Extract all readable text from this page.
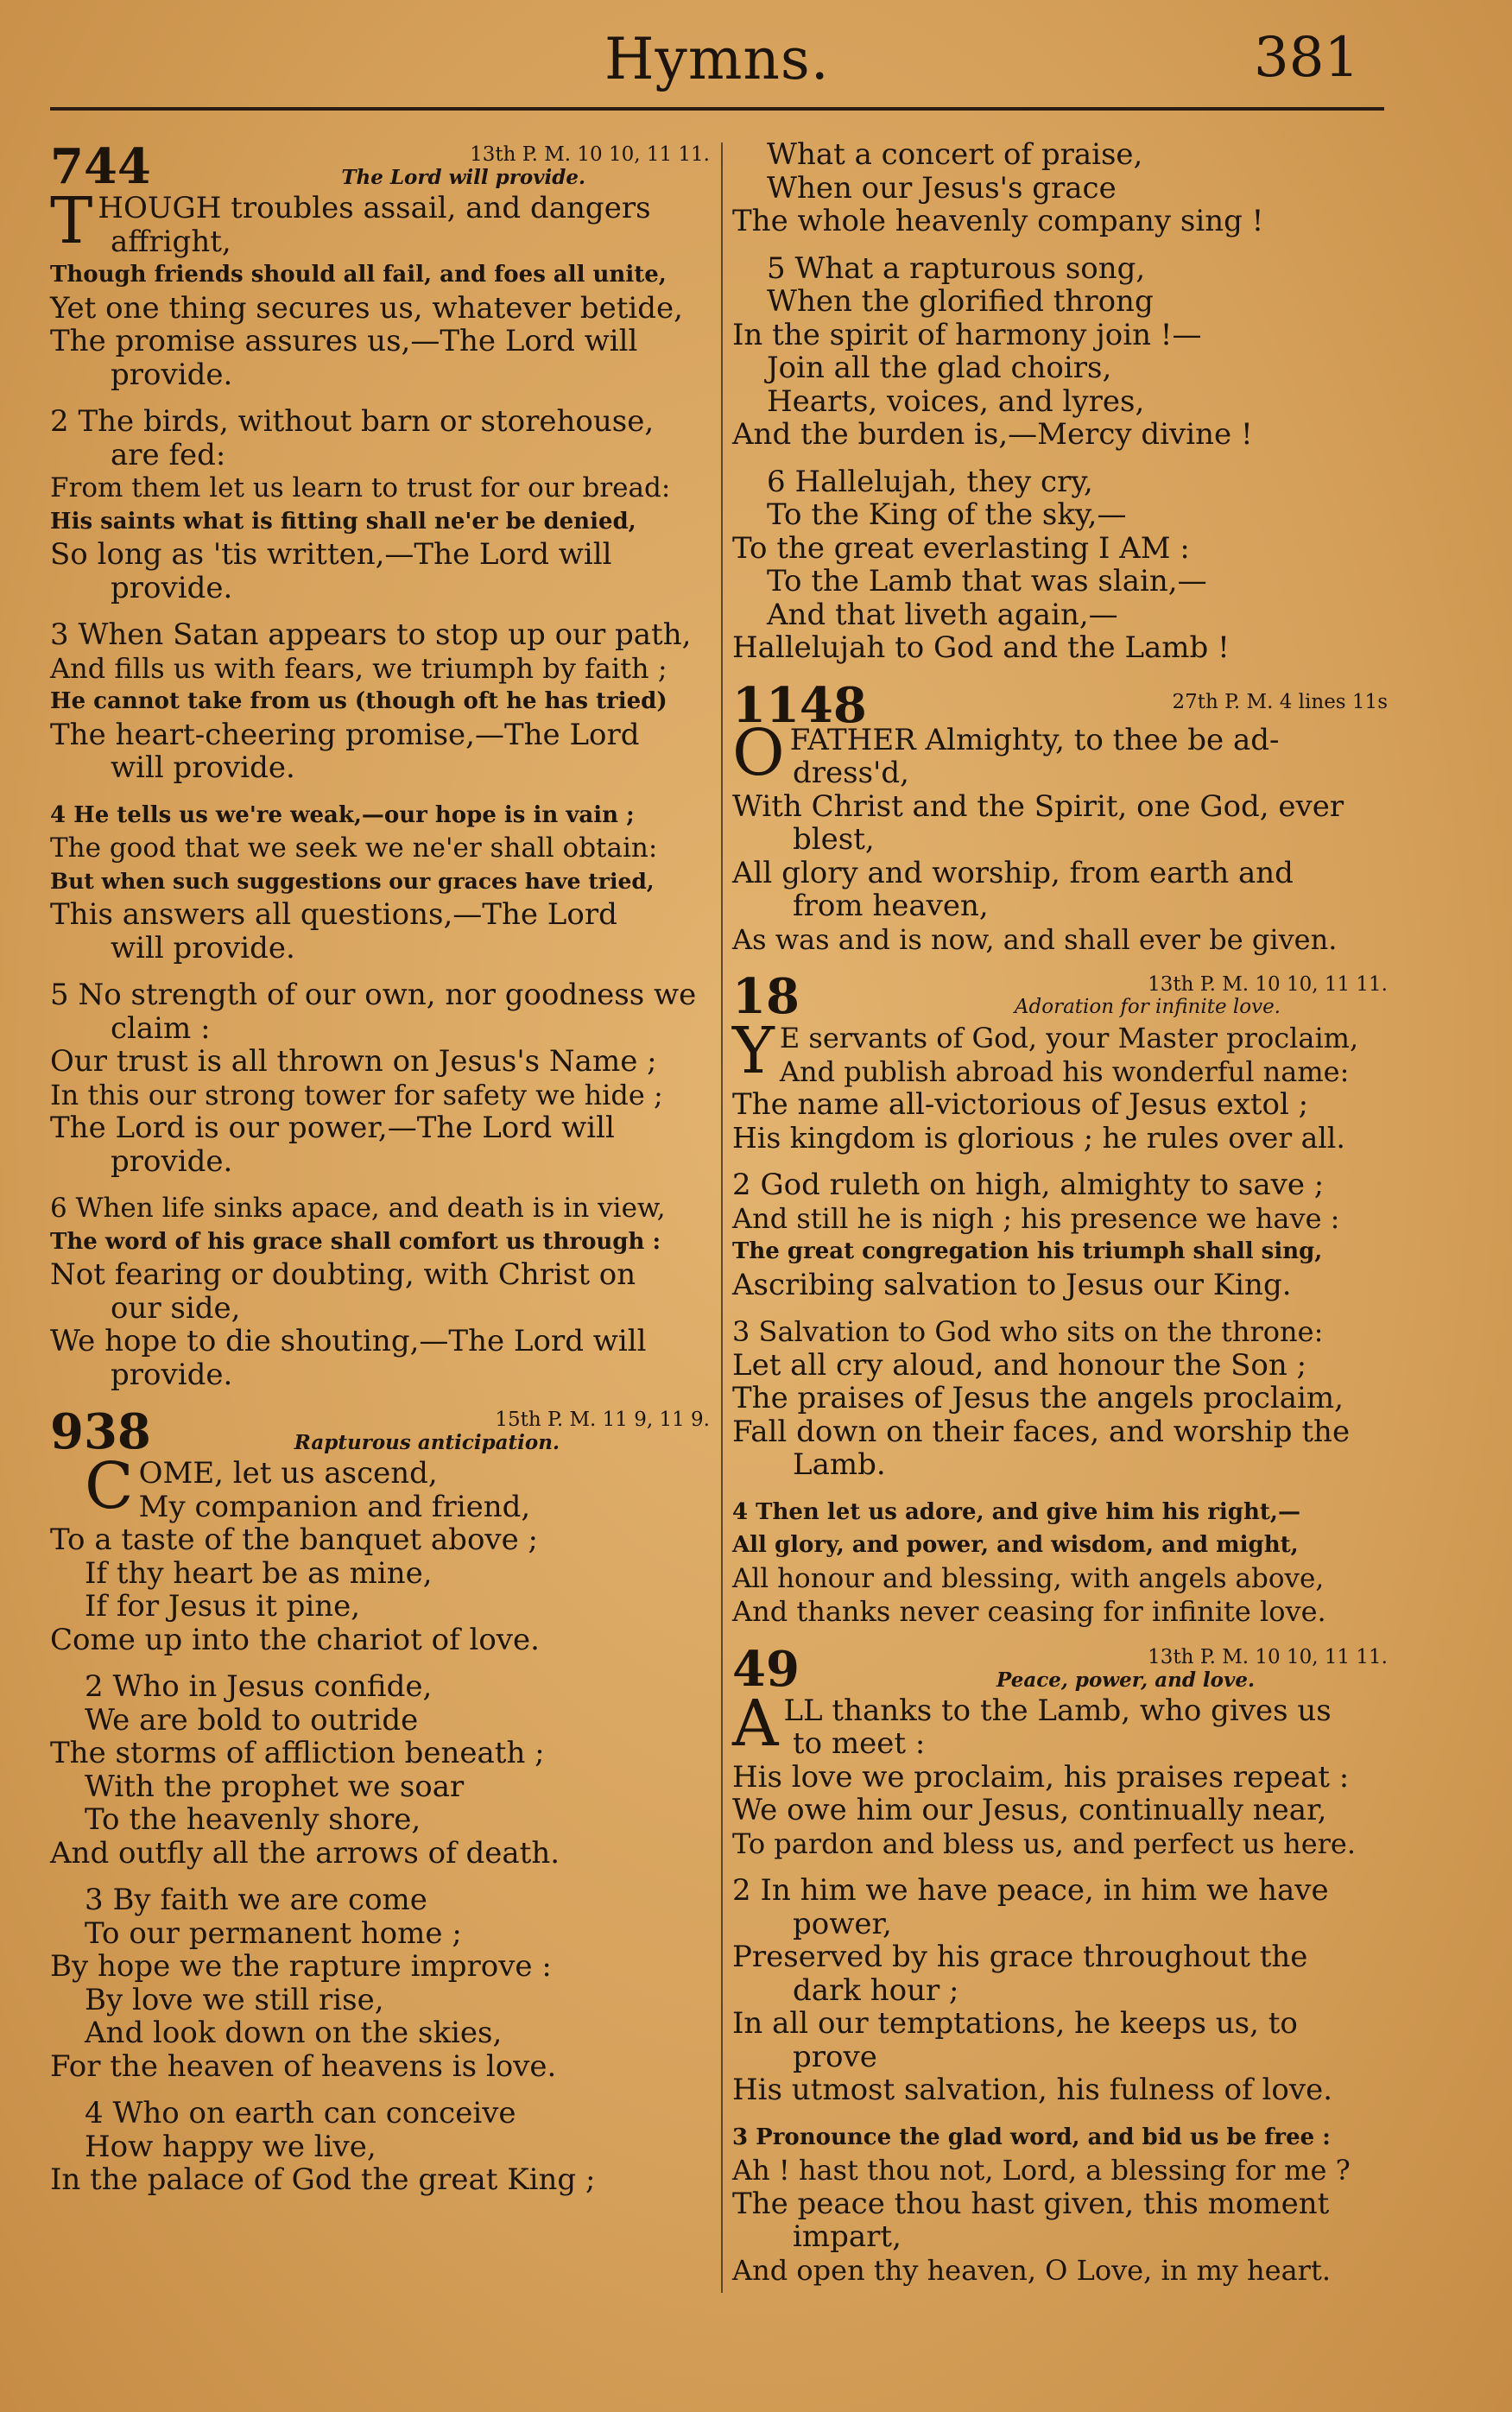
Hymns.	381
744	13th P. M. 10 10, 11 11.
The Lord will provide.
THOUGH troubles assail, and dangers
affright,
Though friends should all fail, and foes all unite,
Yet one thing secures us, whatever betide,
The promise assures us,—The Lord will
provide.
2 The birds, without barn or storehouse,
are fed:
From them let us learn to trust for our bread:
His saints what is fitting shall ne'er be denied,
So long as 'tis written,—The Lord will
provide.
3 When Satan appears to stop up our path,
And fills us with fears, we triumph by faith ;
He cannot take from us (though oft he has tried)
The heart-cheering promise,—The Lord
will provide.
4 He tells us we're weak,—our hope is in vain ;
The good that we seek we ne'er shall obtain:
But when such suggestions our graces have tried,
This answers all questions,—The Lord
will provide.
5 No strength of our own, nor goodness we
claim :
Our trust is all thrown on Jesus's Name ;
In this our strong tower for safety we hide ;
The Lord is our power,—The Lord will
provide.
6 When life sinks apace, and death is in view,
The word of his grace shall comfort us through :
Not fearing or doubting, with Christ on
our side,
We hope to die shouting,—The Lord will
provide.
938	15th P. M. 11 9, 11 9.
Rapturous anticipation.
COME, let us ascend,
My companion and friend,
To a taste of the banquet above ;
If thy heart be as mine,
If for Jesus it pine,
Come up into the chariot of love.
2 Who in Jesus confide,
We are bold to outride
The storms of affliction beneath ;
With the prophet we soar
To the heavenly shore,
And outfly all the arrows of death.
3 By faith we are come
To our permanent home ;
By hope we the rapture improve :
By love we still rise,
And look down on the skies,
For the heaven of heavens is love.
4 Who on earth can conceive
How happy we live,
In the palace of God the great King ;
What a concert of praise,
When our Jesus's grace
The whole heavenly company sing !
5 What a rapturous song,
When the glorified throng
In the spirit of harmony join !—
Join all the glad choirs,
Hearts, voices, and lyres,
And the burden is,—Mercy divine !
6 Hallelujah, they cry,
To the King of the sky,—
To the great everlasting I AM :
To the Lamb that was slain,—
And that liveth again,—
Hallelujah to God and the Lamb !
1148	27th P. M. 4 lines 11s
OFATHER Almighty, to thee be ad-
dress'd,
With Christ and the Spirit, one God, ever
blest,
All glory and worship, from earth and
from heaven,
As was and is now, and shall ever be given.
18	13th P. M. 10 10, 11 11.
Adoration for infinite love.
Y E servants of God, your Master proclaim,
And publish abroad his wonderful name:
The name all-victorious of Jesus extol ;
His kingdom is glorious ; he rules over all.
2 God ruleth on high, almighty to save ;
And still he is nigh ; his presence we have :
The great congregation his triumph shall sing,
Ascribing salvation to Jesus our King.
3 Salvation to God who sits on the throne:
Let all cry aloud, and honour the Son ;
The praises of Jesus the angels proclaim,
Fall down on their faces, and worship the
Lamb.
4 Then let us adore, and give him his right,—
All glory, and power, and wisdom, and might,
All honour and blessing, with angels above,
And thanks never ceasing for infinite love.
49	13th P. M. 10 10, 11 11.
Peace, power, and love.
ALL thanks to the Lamb, who gives us
to meet :
His love we proclaim, his praises repeat :
We owe him our Jesus, continually near,
To pardon and bless us, and perfect us here.
2 In him we have peace, in him we have
power,
Preserved by his grace throughout the
dark hour ;
In all our temptations, he keeps us, to
prove
His utmost salvation, his fulness of love.
3 Pronounce the glad word, and bid us be free :
Ah ! hast thou not, Lord, a blessing for me ?
The peace thou hast given, this moment
impart,
And open thy heaven, O Love, in my heart.
